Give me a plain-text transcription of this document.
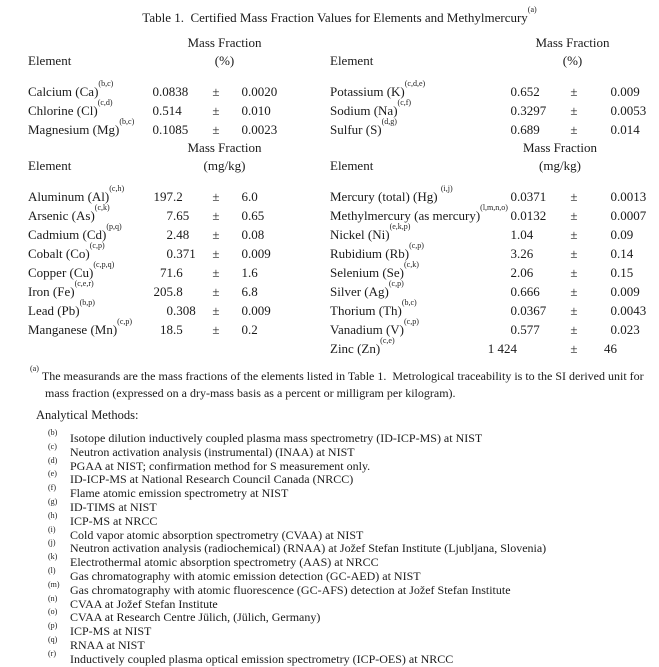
Table 1.  Certified Mass Fraction Values for Elements and Methylmercury$^{(a)}$
Mass Fraction
Element	(%)
Calcium $(Ca)^{(b,c)}$
0.0838	±	0.0020
Chlorine $(Cl)^{(c,d)}$
0.514	±	0.010
Magnesium $(Mg)^{(b,c)}$
0.1085	±	0.0023
Mass Fraction
Element	(%)
Potassium $(K)^{(c,d,e)}$
0.652	±	0.009
Sodium $(Na)^{(c,f)}$
0.3297	±	0.0053
Sulfur $(S)^{(d,g)}$
0.689	±	0.014
Mass Fraction
Element	(mg/kg)
Aluminum $(Al)^{(c,h)}$
197.2	±	6.0
Arsenic $(As)^{(c,k)}$
7.65	±	0.65
Cadmium $(Cd)^{(p,q)}$
2.48	±	0.08
Cobalt $(Co)^{(c,p)}$
0.371	±	0.009
Copper $(Cu)^{(c,p,q)}$
71.6	±	1.6
Iron $(Fe)^{(c,e,r)}$
205.8	±	6.8
Lead $(Pb)^{(b,p)}$
0.308	±	0.009
Manganese $(Mn)^{(c,p)}$
18.5	±	0.2
Mass Fraction
Element	(mg/kg)
Mercury (total) (Hg) $^{(i,j)}$
0.0371	±	0.0013
Methylmercury (as mercury)$^{(l,m,n,o)}$
0.0132	±	0.0007
Nickel $(Ni)^{(e,k,p)}$
1.04	±	0.09
Rubidium $(Rb)^{(c,p)}$
3.26	±	0.14
Selenium $(Se)^{(c,k)}$
2.06	±	0.15
Silver $(Ag)^{(c,p)}$
0.666	±	0.009
Thorium $(Th)^{(b,c)}$
0.0367	±	0.0043
Vanadium $(V)^{(c,p)}$
0.577	±	0.023
Zinc $(Zn)^{(c,e)}$
1 424	±	46
$^{(a)}$The measurands are the mass fractions of the elements listed in Table 1.  Metrological traceability is to the SI derived unit for mass fraction (expressed on a dry-mass basis as a percent or milligram per kilogram).
Analytical Methods:
(b) Isotope dilution inductively coupled plasma mass spectrometry (ID-ICP-MS) at NIST
(c) Neutron activation analysis (instrumental) (INAA) at NIST
(d) PGAA at NIST; confirmation method for S measurement only.
(e) ID-ICP-MS at National Research Council Canada (NRCC)
(f) Flame atomic emission spectrometry at NIST
(g) ID-TIMS at NIST
(h) ICP-MS at NRCC
(i) Cold vapor atomic absorption spectrometry (CVAA) at NIST
(j) Neutron activation analysis (radiochemical) (RNAA) at Jožef Stefan Institute (Ljubljana, Slovenia)
(k) Electrothermal atomic absorption spectrometry (AAS) at NRCC
(l) Gas chromatography with atomic emission detection (GC-AED) at NIST
(m) Gas chromatography with atomic fluorescence (GC-AFS) detection at Jožef Stefan Institute
(n) CVAA at Jožef Stefan Institute
(o) CVAA at Research Centre Jülich, (Jülich, Germany)
(p) ICP-MS at NIST
(q) RNAA at NIST
(r) Inductively coupled plasma optical emission spectrometry (ICP-OES) at NRCC
